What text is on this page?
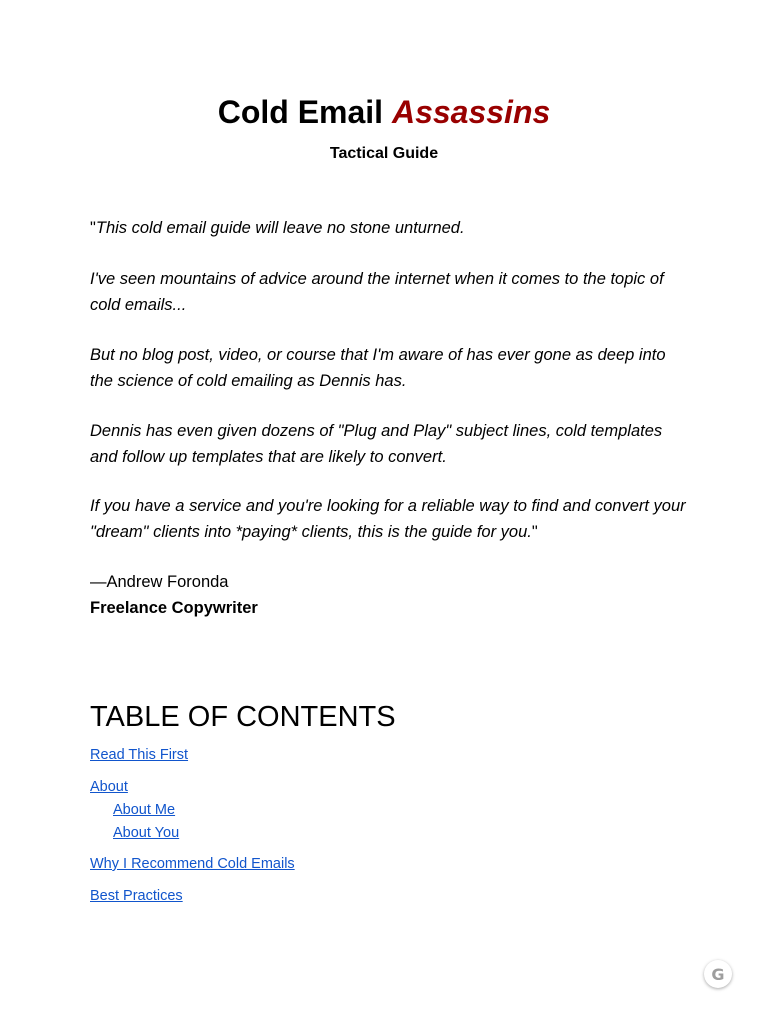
Cold Email Assassins
Tactical Guide
"This cold email guide will leave no stone unturned.
I've seen mountains of advice around the internet when it comes to the topic of cold emails...
But no blog post, video, or course that I'm aware of has ever gone as deep into the science of cold emailing as Dennis has.
Dennis has even given dozens of "Plug and Play" subject lines, cold templates and follow up templates that are likely to convert.
If you have a service and you're looking for a reliable way to find and convert your "dream" clients into *paying* clients, this is the guide for you."
—Andrew Foronda
Freelance Copywriter
TABLE OF CONTENTS
Read This First
About
About Me
About You
Why I Recommend Cold Emails
Best Practices
G
